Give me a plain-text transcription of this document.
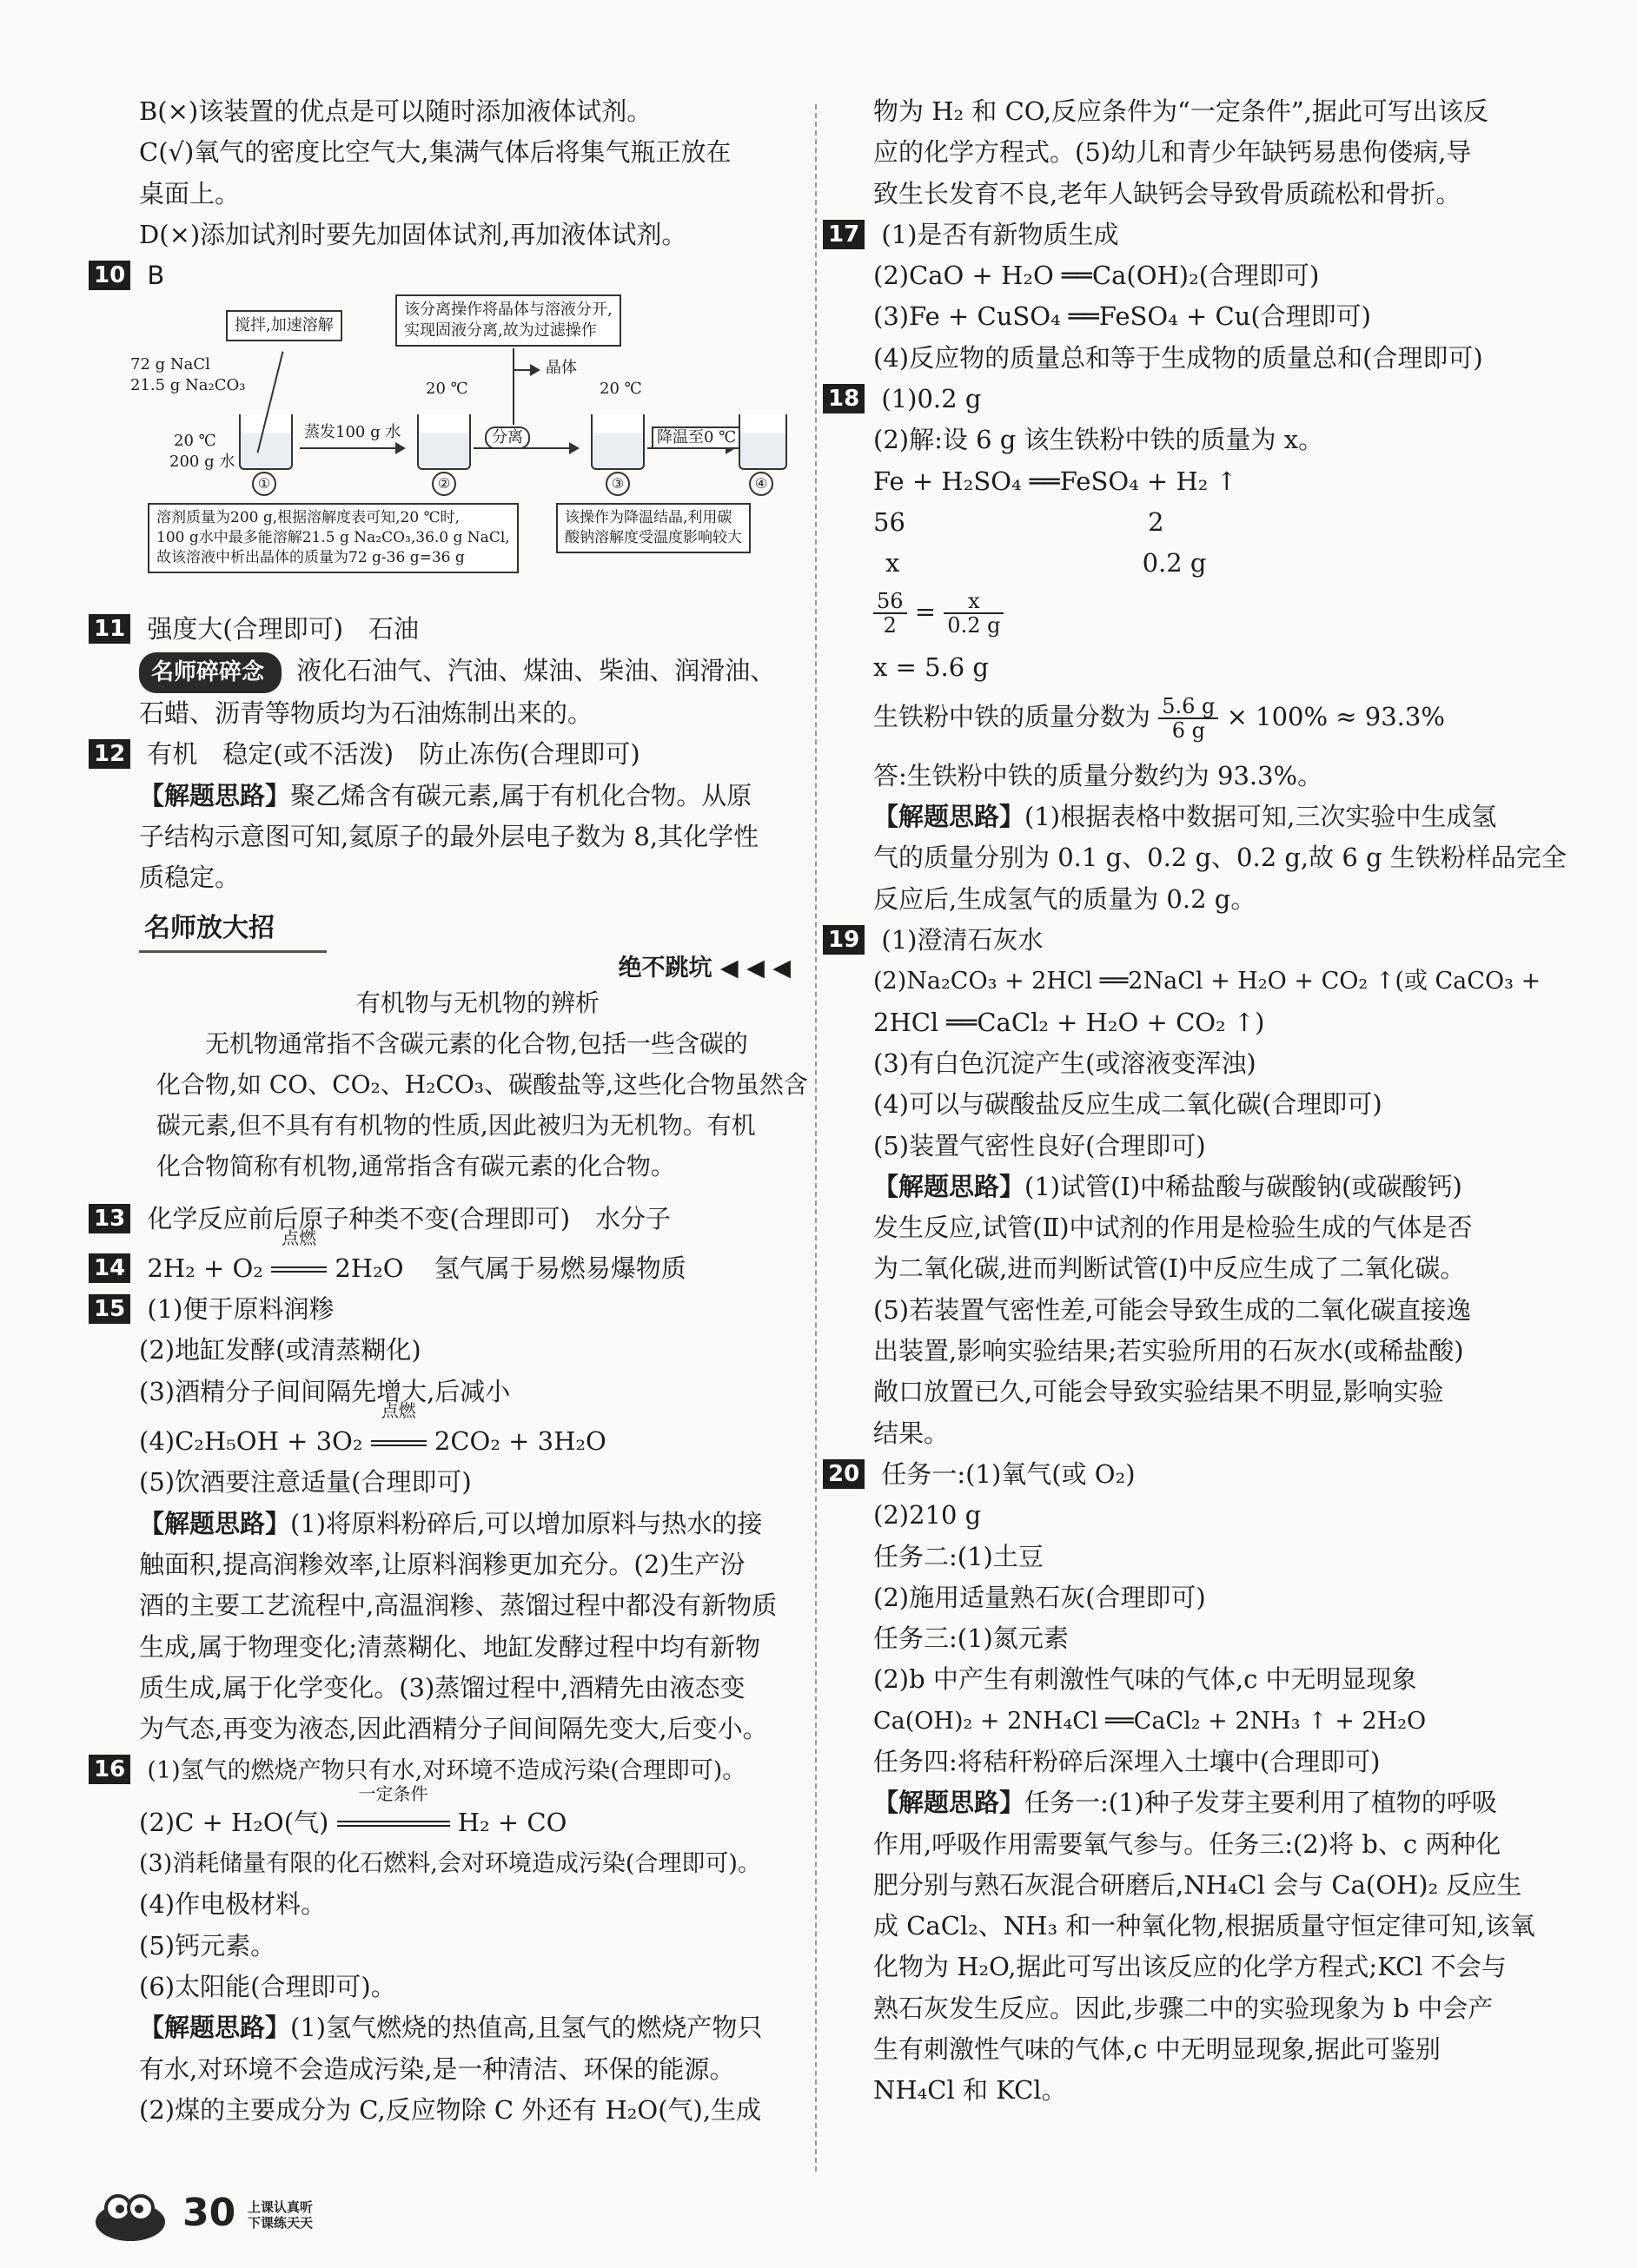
B(×)该装置的优点是可以随时添加液体试剂。
C(√)氧气的密度比空气大,集满气体后将集气瓶正放在
桌面上。
D(×)添加试剂时要先加固体试剂,再加液体试剂。
10 B
搅拌,加速溶解
该分离操作将晶体与溶液分开,
实现固液分离,故为过滤操作
72 g NaCl
21.5 g Na₂CO₃
20 ℃
200 g 水
①
蒸发100 g 水
20 ℃
②
分离
晶体
20 ℃
③
降温至0 ℃
④
溶剂质量为200 g,根据溶解度表可知,20 ℃时,
100 g水中最多能溶解21.5 g Na₂CO₃,36.0 g NaCl,
故该溶液中析出晶体的质量为72 g-36 g=36 g
该操作为降温结晶,利用碳
酸钠溶解度受温度影响较大
11 强度大(合理即可)　石油
名师碎碎念 液化石油气、汽油、煤油、柴油、润滑油、
石蜡、沥青等物质均为石油炼制出来的。
12 有机　稳定(或不活泼)　防止冻伤(合理即可)
【解题思路】聚乙烯含有碳元素,属于有机化合物。从原
子结构示意图可知,氦原子的最外层电子数为 8,其化学性
质稳定。
名师放大招
绝不跳坑 ◀ ◀ ◀
有机物与无机物的辨析
无机物通常指不含碳元素的化合物,包括一些含碳的
化合物,如 CO、CO₂、H₂CO₃、碳酸盐等,这些化合物虽然含
碳元素,但不具有有机物的性质,因此被归为无机物。有机
化合物简称有机物,通常指含有碳元素的化合物。
13 化学反应前后原子种类不变(合理即可)　水分子
14 2H₂ + O₂
点燃
2H₂O 氢气属于易燃易爆物质
15 (1)便于原料润糁
(2)地缸发酵(或清蒸糊化)
(3)酒精分子间间隔先增大,后减小
(4)C₂H₅OH + 3O₂
点燃
2CO₂ + 3H₂O
(5)饮酒要注意适量(合理即可)
【解题思路】(1)将原料粉碎后,可以增加原料与热水的接
触面积,提高润糁效率,让原料润糁更加充分。(2)生产汾
酒的主要工艺流程中,高温润糁、蒸馏过程中都没有新物质
生成,属于物理变化;清蒸糊化、地缸发酵过程中均有新物
质生成,属于化学变化。(3)蒸馏过程中,酒精先由液态变
为气态,再变为液态,因此酒精分子间间隔先变大,后变小。
16 (1)氢气的燃烧产物只有水,对环境不造成污染(合理即可)。
(2)C + H₂O(气)
一定条件
H₂ + CO
(3)消耗储量有限的化石燃料,会对环境造成污染(合理即可)。
(4)作电极材料。
(5)钙元素。
(6)太阳能(合理即可)。
【解题思路】(1)氢气燃烧的热值高,且氢气的燃烧产物只
有水,对环境不会造成污染,是一种清洁、环保的能源。
(2)煤的主要成分为 C,反应物除 C 外还有 H₂O(气),生成
物为 H₂ 和 CO,反应条件为“一定条件”,据此可写出该反
应的化学方程式。(5)幼儿和青少年缺钙易患佝偻病,导
致生长发育不良,老年人缺钙会导致骨质疏松和骨折。
17 (1)是否有新物质生成
(2)CaO + H₂O ══Ca(OH)₂(合理即可)
(3)Fe + CuSO₄ ══FeSO₄ + Cu(合理即可)
(4)反应物的质量总和等于生成物的质量总和(合理即可)
18 (1)0.2 g
(2)解:设 6 g 该生铁粉中铁的质量为 x。
Fe + H₂SO₄ ══FeSO₄ + H₂ ↑
56	2
x	0.2 g
$\frac{56}{2} = \frac{x}{0.2 g}$
x = 5.6 g
生铁粉中铁的质量分数为 $\frac{5.6 g}{6 g} \times 100\% \approx 93.3\%$
答:生铁粉中铁的质量分数约为 93.3%。
【解题思路】(1)根据表格中数据可知,三次实验中生成氢
气的质量分别为 0.1 g、0.2 g、0.2 g,故 6 g 生铁粉样品完全
反应后,生成氢气的质量为 0.2 g。
19 (1)澄清石灰水
(2)Na₂CO₃ + 2HCl ══2NaCl + H₂O + CO₂ ↑(或 CaCO₃ +
2HCl ══CaCl₂ + H₂O + CO₂ ↑)
(3)有白色沉淀产生(或溶液变浑浊)
(4)可以与碳酸盐反应生成二氧化碳(合理即可)
(5)装置气密性良好(合理即可)
【解题思路】(1)试管(Ⅰ)中稀盐酸与碳酸钠(或碳酸钙)
发生反应,试管(Ⅱ)中试剂的作用是检验生成的气体是否
为二氧化碳,进而判断试管(Ⅰ)中反应生成了二氧化碳。
(5)若装置气密性差,可能会导致生成的二氧化碳直接逸
出装置,影响实验结果;若实验所用的石灰水(或稀盐酸)
敞口放置已久,可能会导致实验结果不明显,影响实验
结果。
20 任务一:(1)氧气(或 O₂)
(2)210 g
任务二:(1)土豆
(2)施用适量熟石灰(合理即可)
任务三:(1)氮元素
(2)b 中产生有刺激性气味的气体,c 中无明显现象
Ca(OH)₂ + 2NH₄Cl ══CaCl₂ + 2NH₃ ↑ + 2H₂O
任务四:将秸秆粉碎后深埋入土壤中(合理即可)
【解题思路】任务一:(1)种子发芽主要利用了植物的呼吸
作用,呼吸作用需要氧气参与。任务三:(2)将 b、c 两种化
肥分别与熟石灰混合研磨后,NH₄Cl 会与 Ca(OH)₂ 反应生
成 CaCl₂、NH₃ 和一种氧化物,根据质量守恒定律可知,该氧
化物为 H₂O,据此可写出该反应的化学方程式;KCl 不会与
熟石灰发生反应。因此,步骤二中的实验现象为 b 中会产
生有刺激性气味的气体,c 中无明显现象,据此可鉴别
NH₄Cl 和 KCl。
30 上课认真听
下课练天天
